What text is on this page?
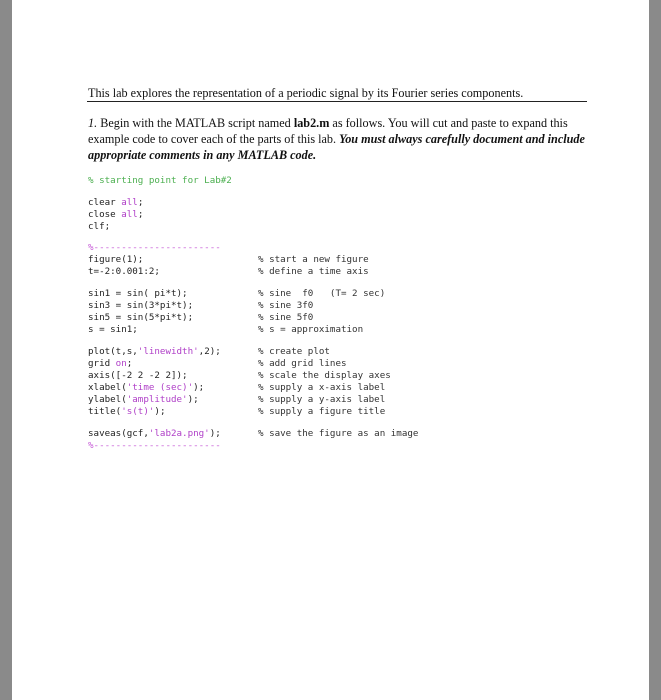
This lab explores the representation of a periodic signal by its Fourier series components.

1. Begin with the MATLAB script named lab2.m as follows. You will cut and paste to expand this example code to cover each of the parts of this lab. You must always carefully document and include appropriate comments in any MATLAB code.

% starting point for Lab#2

clear all;

close all;

clf;

%-----------------------

figure(1);	% start a new figure

t=-2:0.001:2;	% define a time axis

sin1 = sin( pi*t);	% sine  f0   (T= 2 sec)

sin3 = sin(3*pi*t);	% sine 3f0

sin5 = sin(5*pi*t);	% sine 5f0

s = sin1;	% s = approximation

plot(t,s,'linewidth',2);	% create plot

grid on;	% add grid lines

axis([-2 2 -2 2]);	% scale the display axes

xlabel('time (sec)');	% supply a x-axis label

ylabel('amplitude');	% supply a y-axis label

title('s(t)');	% supply a figure title

saveas(gcf,'lab2a.png');	% save the figure as an image

%-----------------------
